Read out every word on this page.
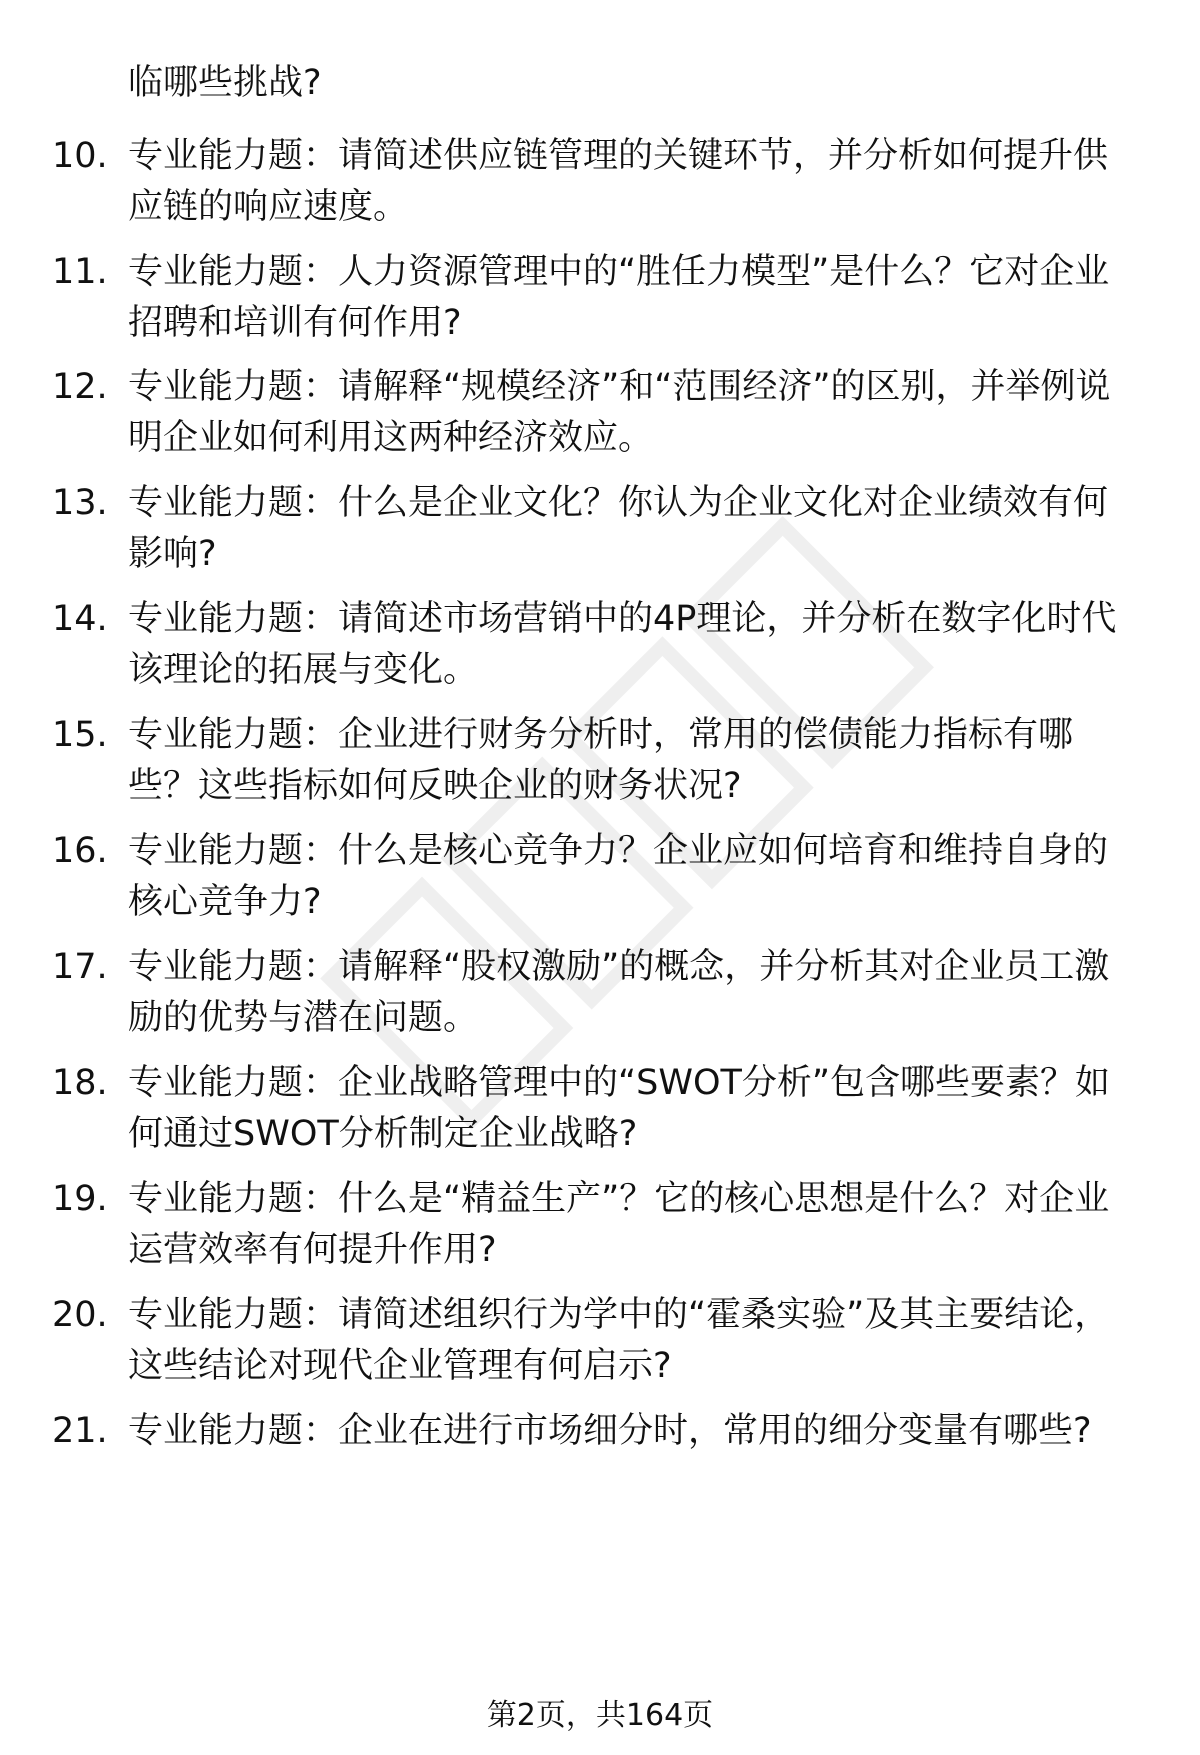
临哪些挑战?
10. 专业能力题：请简述供应链管理的关键环节，并分析如何提升供应链的响应速度。
11. 专业能力题：人力资源管理中的“胜任力模型”是什么？它对企业招聘和培训有何作用?
12. 专业能力题：请解释“规模经济”和“范围经济”的区别，并举例说明企业如何利用这两种经济效应。
13. 专业能力题：什么是企业文化？你认为企业文化对企业绩效有何影响?
14. 专业能力题：请简述市场营销中的4P理论，并分析在数字化时代该理论的拓展与变化。
15. 专业能力题：企业进行财务分析时，常用的偿债能力指标有哪些？这些指标如何反映企业的财务状况?
16. 专业能力题：什么是核心竞争力？企业应如何培育和维持自身的核心竞争力?
17. 专业能力题：请解释“股权激励”的概念，并分析其对企业员工激励的优势与潜在问题。
18. 专业能力题：企业战略管理中的“SWOT分析”包含哪些要素？如何通过SWOT分析制定企业战略?
19. 专业能力题：什么是“精益生产”？它的核心思想是什么？对企业运营效率有何提升作用?
20. 专业能力题：请简述组织行为学中的“霍桑实验”及其主要结论，这些结论对现代企业管理有何启示?
21. 专业能力题：企业在进行市场细分时，常用的细分变量有哪些?
第2页，共164页
